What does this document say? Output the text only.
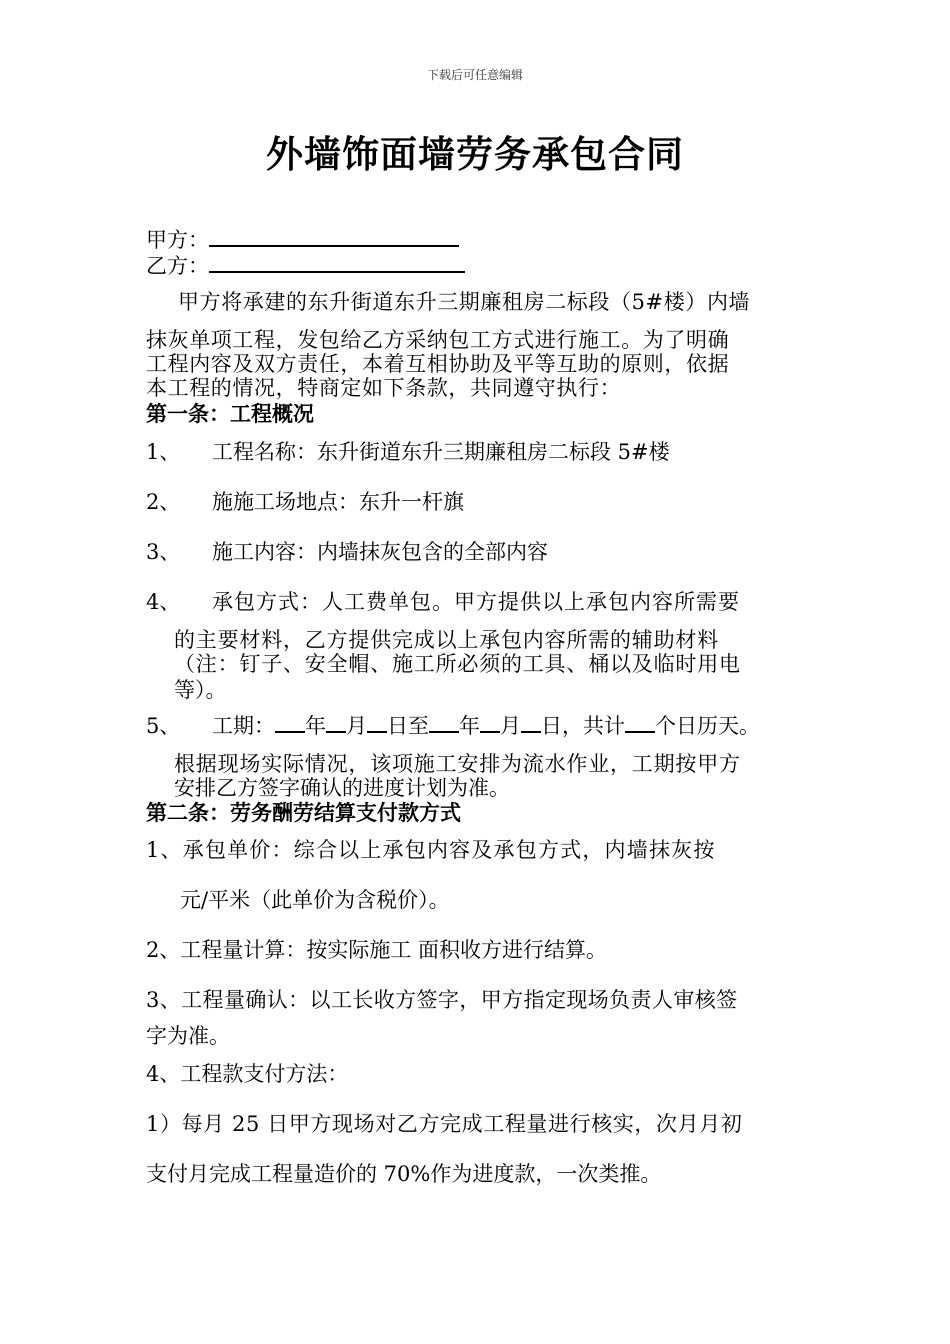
下载后可任意编辑
外墙饰面墙劳务承包合同
甲方：
乙方：
甲方将承建的东升街道东升三期廉租房二标段（5#楼）内墙
抹灰单项工程，发包给乙方采纳包工方式进行施工。为了明确
工程内容及双方责任，本着互相协助及平等互助的原则，依据
本工程的情况，特商定如下条款，共同遵守执行：
第一条：工程概况
1、 工程名称：东升街道东升三期廉租房二标段 5#楼
2、 施施工场地点：东升一杆旗
3、 施工内容：内墙抹灰包含的全部内容
4、 承包方式：人工费单包。甲方提供以上承包内容所需要
的主要材料，乙方提供完成以上承包内容所需的辅助材料
（注：钉子、安全帽、施工所必须的工具、桶以及临时用电
等）。
5、 工期： 年 月 日至 年 月 日，共计 个日历天。
根据现场实际情况，该项施工安排为流水作业，工期按甲方
安排乙方签字确认的进度计划为准。
第二条：劳务酬劳结算支付款方式
1、承包单价：综合以上承包内容及承包方式，内墙抹灰按
元/平米（此单价为含税价）。
2、工程量计算：按实际施工 面积收方进行结算。
3、工程量确认：以工长收方签字，甲方指定现场负责人审核签
字为准。
4、工程款支付方法：
1）每月 25 日甲方现场对乙方完成工程量进行核实，次月月初
支付月完成工程量造价的 70%作为进度款，一次类推。
